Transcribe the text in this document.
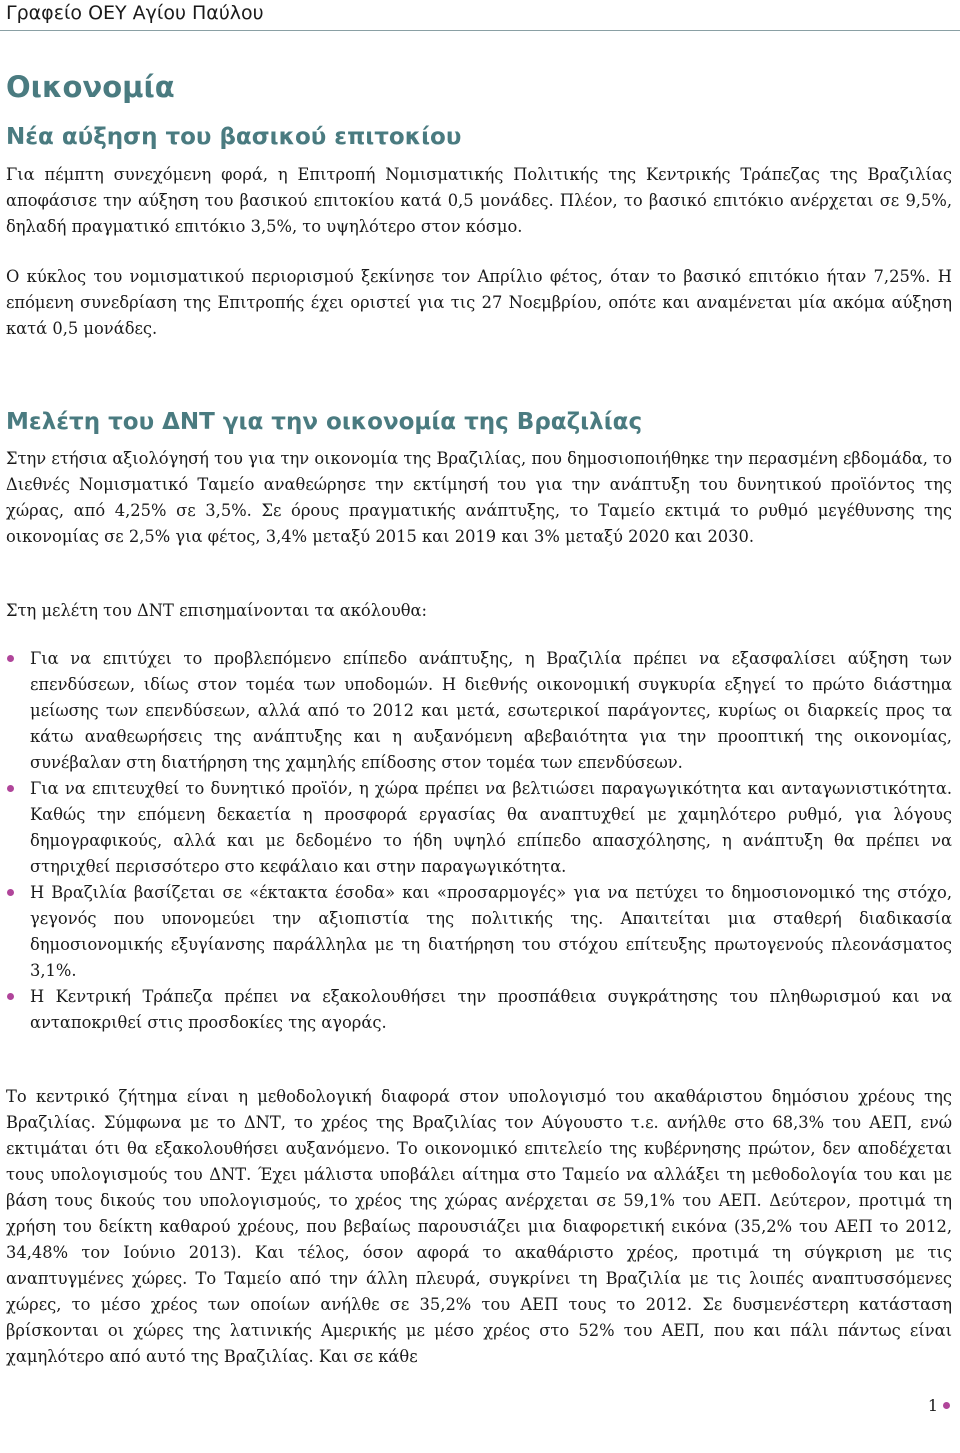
Γραφείο ΟΕΥ Αγίου Παύλου
Οικονομία
Νέα αύξηση του βασικού επιτοκίου

Για πέμπτη συνεχόμενη φορά, η Επιτροπή Νομισματικής Πολιτικής της Κεντρικής Τράπεζας της Βραζιλίας αποφάσισε την αύξηση του βασικού επιτοκίου κατά 0,5 μονάδες. Πλέον, το βασικό επιτόκιο ανέρχεται σε 9,5%, δηλαδή πραγματικό επιτόκιο 3,5%, το υψηλότερο στον κόσμο.

Ο κύκλος του νομισματικού περιορισμού ξεκίνησε τον Απρίλιο φέτος, όταν το βασικό επιτόκιο ήταν 7,25%. Η επόμενη συνεδρίαση της Επιτροπής έχει οριστεί για τις 27 Νοεμβρίου, οπότε και αναμένεται μία ακόμα αύξηση κατά 0,5 μονάδες.

Μελέτη του ΔΝΤ για την οικονομία της Βραζιλίας

Στην ετήσια αξιολόγησή του για την οικονομία της Βραζιλίας, που δημοσιοποιήθηκε την περασμένη εβδομάδα, το Διεθνές Νομισματικό Ταμείο αναθεώρησε την εκτίμησή του για την ανάπτυξη του δυνητικού προϊόντος της χώρας, από 4,25% σε 3,5%. Σε όρους πραγματικής ανάπτυξης, το Ταμείο εκτιμά το ρυθμό μεγέθυνσης της οικονομίας σε 2,5% για φέτος, 3,4% μεταξύ 2015 και 2019 και 3% μεταξύ 2020 και 2030.

Στη μελέτη του ΔΝΤ επισημαίνονται τα ακόλουθα:

Για να επιτύχει το προβλεπόμενο επίπεδο ανάπτυξης, η Βραζιλία πρέπει να εξασφαλίσει αύξηση των επενδύσεων, ιδίως στον τομέα των υποδομών. Η διεθνής οικονομική συγκυρία εξηγεί το πρώτο διάστημα μείωσης των επενδύσεων, αλλά από το 2012 και μετά, εσωτερικοί παράγοντες, κυρίως οι διαρκείς προς τα κάτω αναθεωρήσεις της ανάπτυξης και η αυξανόμενη αβεβαιότητα για την προοπτική της οικονομίας, συνέβαλαν στη διατήρηση της χαμηλής επίδοσης στον τομέα των επενδύσεων.

Για να επιτευχθεί το δυνητικό προϊόν, η χώρα πρέπει να βελτιώσει παραγωγικότητα και ανταγωνιστικότητα. Καθώς την επόμενη δεκαετία η προσφορά εργασίας θα αναπτυχθεί με χαμηλότερο ρυθμό, για λόγους δημογραφικούς, αλλά και με δεδομένο το ήδη υψηλό επίπεδο απασχόλησης, η ανάπτυξη θα πρέπει να στηριχθεί περισσότερο στο κεφάλαιο και στην παραγωγικότητα.

Η Βραζιλία βασίζεται σε «έκτακτα έσοδα» και «προσαρμογές» για να πετύχει το δημοσιονομικό της στόχο, γεγονός που υπονομεύει την αξιοπιστία της πολιτικής της. Απαιτείται μια σταθερή διαδικασία δημοσιονομικής εξυγίανσης παράλληλα με τη διατήρηση του στόχου επίτευξης πρωτογενούς πλεονάσματος 3,1%.

Η Κεντρική Τράπεζα πρέπει να εξακολουθήσει την προσπάθεια συγκράτησης του πληθωρισμού και να ανταποκριθεί στις προσδοκίες της αγοράς.

Το κεντρικό ζήτημα είναι η μεθοδολογική διαφορά στον υπολογισμό του ακαθάριστου δημόσιου χρέους της Βραζιλίας. Σύμφωνα με το ΔΝΤ, το χρέος της Βραζιλίας τον Αύγουστο τ.ε. ανήλθε στο 68,3% του ΑΕΠ, ενώ εκτιμάται ότι θα εξακολουθήσει αυξανόμενο. Το οικονομικό επιτελείο της κυβέρνησης πρώτον, δεν αποδέχεται τους υπολογισμούς του ΔΝΤ. Έχει μάλιστα υποβάλει αίτημα στο Ταμείο να αλλάξει τη μεθοδολογία του και με βάση τους δικούς του υπολογισμούς, το χρέος της χώρας ανέρχεται σε 59,1% του ΑΕΠ. Δεύτερον, προτιμά τη χρήση του δείκτη καθαρού χρέους, που βεβαίως παρουσιάζει μια διαφορετική εικόνα (35,2% του ΑΕΠ το 2012, 34,48% τον Ιούνιο 2013). Και τέλος, όσον αφορά το ακαθάριστο χρέος, προτιμά τη σύγκριση με τις αναπτυγμένες χώρες. Το Ταμείο από την άλλη πλευρά, συγκρίνει τη Βραζιλία με τις λοιπές αναπτυσσόμενες χώρες, το μέσο χρέος των οποίων ανήλθε σε 35,2% του ΑΕΠ τους το 2012. Σε δυσμενέστερη κατάσταση βρίσκονται οι χώρες της λατινικής Αμερικής με μέσο χρέος στο 52% του ΑΕΠ, που και πάλι πάντως είναι χαμηλότερο από αυτό της Βραζιλίας. Και σε κάθε

1
